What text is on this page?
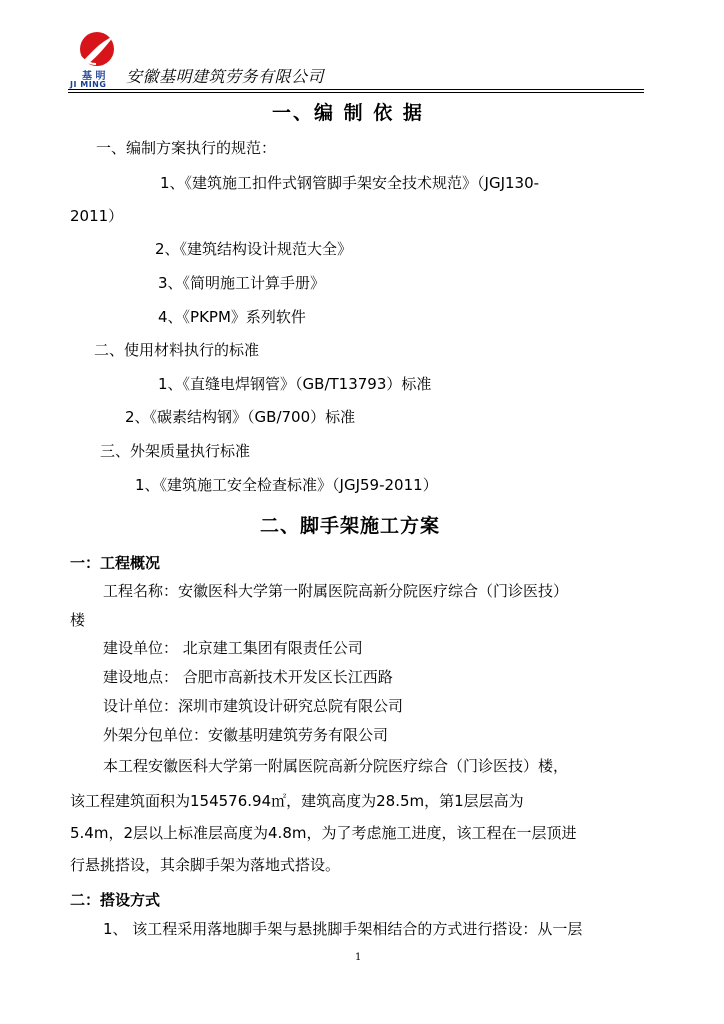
基 明
JI MING 安徽基明建筑劳务有限公司
一、编 制 依 据
一、编制方案执行的规范：
1、《建筑施工扣件式钢管脚手架安全技术规范》（JGJ130-
2011）
2、《建筑结构设计规范大全》
3、《简明施工计算手册》
4、《PKPM》系列软件
二、使用材料执行的标准
1、《直缝电焊钢管》（GB/T13793）标准
2、《碳素结构钢》（GB/700）标准
三、外架质量执行标准
1、《建筑施工安全检查标准》（JGJ59-2011）
二、脚手架施工方案
一：工程概况
工程名称：安徽医科大学第一附属医院高新分院医疗综合（门诊医技）
楼
建设单位： 北京建工集团有限责任公司
建设地点： 合肥市高新技术开发区长江西路
设计单位：深圳市建筑设计研究总院有限公司
外架分包单位：安徽基明建筑劳务有限公司
本工程安徽医科大学第一附属医院高新分院医疗综合（门诊医技）楼，
该工程建筑面积为154576.94㎡，建筑高度为28.5m，第1层层高为
5.4m，2层以上标准层高度为4.8m，为了考虑施工进度，该工程在一层顶进
行悬挑搭设，其余脚手架为落地式搭设。
二：搭设方式
1、 该工程采用落地脚手架与悬挑脚手架相结合的方式进行搭设：从一层
1
